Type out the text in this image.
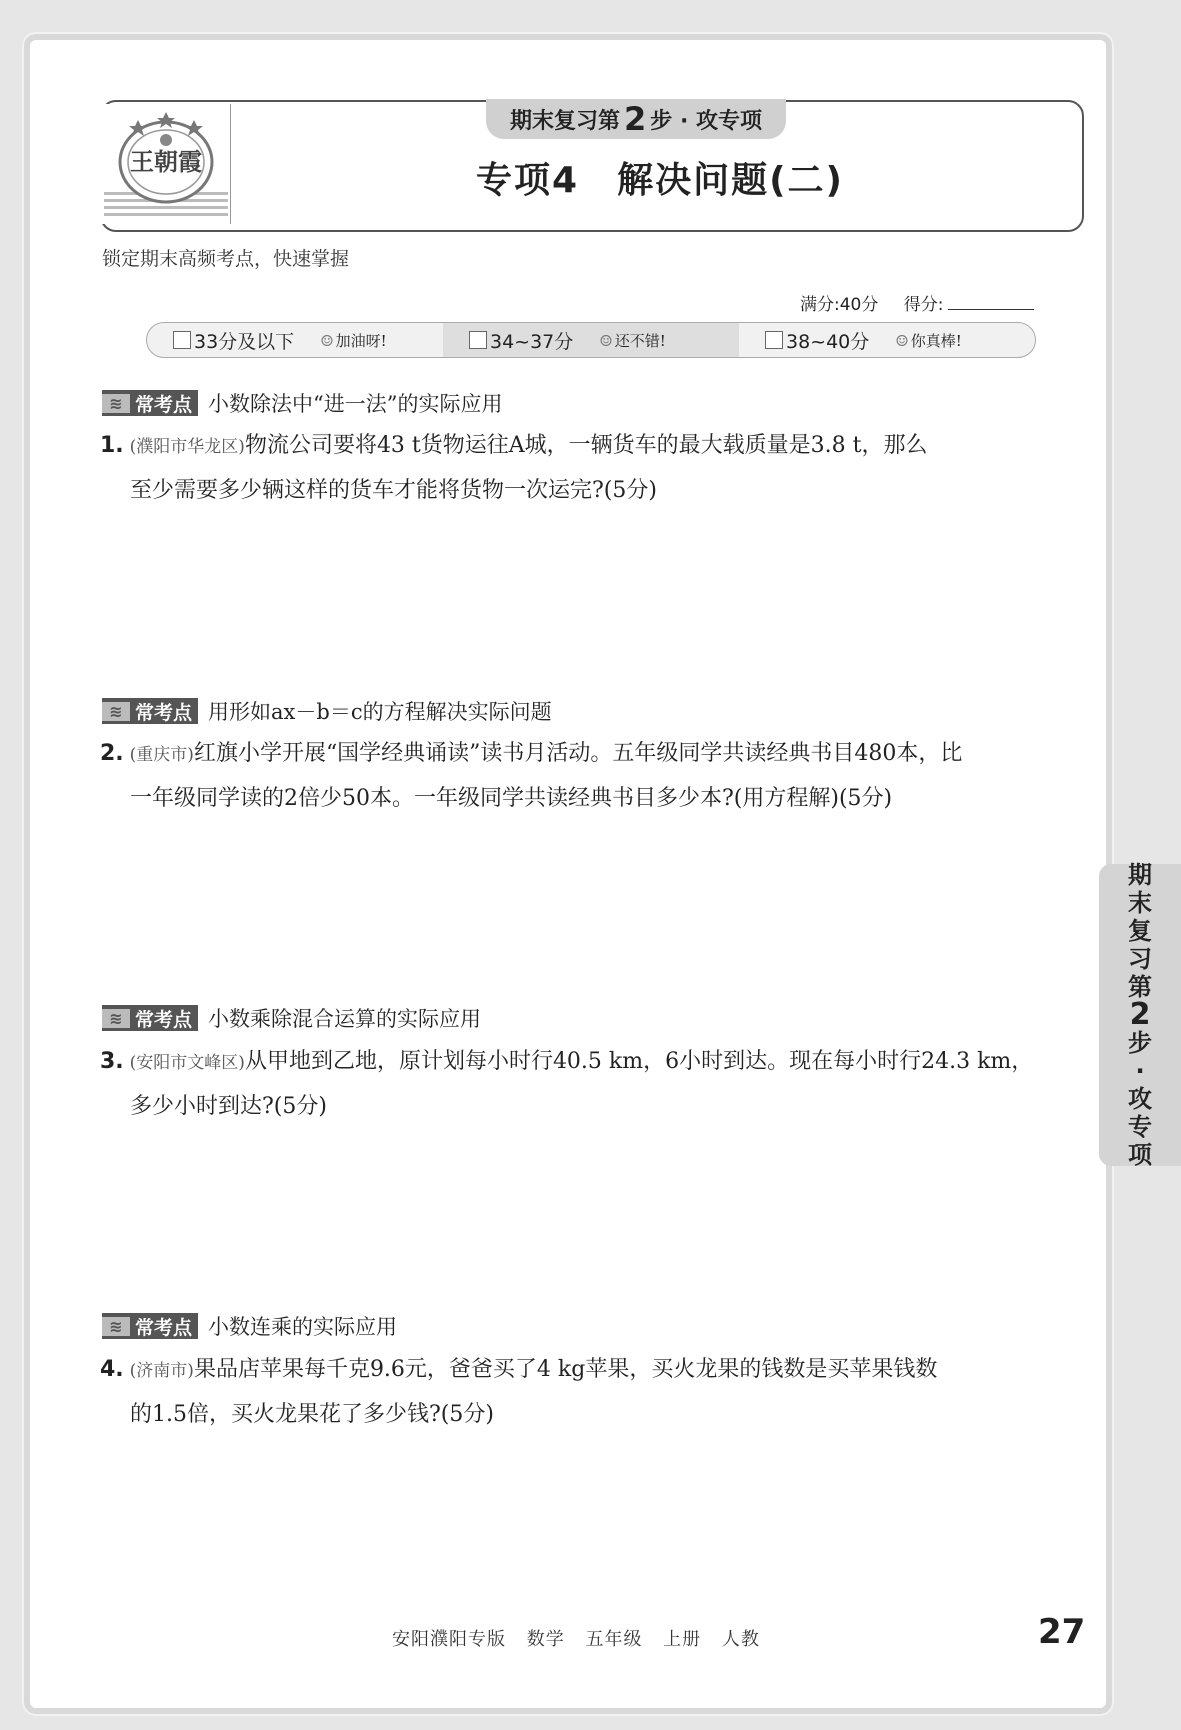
王朝霞
期末复习第 2 步 · 攻专项
专项4　解决问题(二)
锁定期末高频考点，快速掌握
满分:40分 得分:
33分及以下 ☺ 加油呀!	34~37分 ☺ 还不错!	38~40分 ☺ 你真棒!
≋ 常考点 小数除法中“进一法”的实际应用
1. (濮阳市华龙区)物流公司要将43 t货物运往A城，一辆货车的最大载质量是3.8 t，那么
至少需要多少辆这样的货车才能将货物一次运完?(5分)
≋ 常考点 用形如ax－b＝c的方程解决实际问题
2. (重庆市)红旗小学开展“国学经典诵读”读书月活动。五年级同学共读经典书目480本，比
一年级同学读的2倍少50本。一年级同学共读经典书目多少本?(用方程解)(5分)
≋ 常考点 小数乘除混合运算的实际应用
3. (安阳市文峰区)从甲地到乙地，原计划每小时行40.5 km，6小时到达。现在每小时行24.3 km，
多少小时到达?(5分)
≋ 常考点 小数连乘的实际应用
4. (济南市)果品店苹果每千克9.6元，爸爸买了4 kg苹果，买火龙果的钱数是买苹果钱数
的1.5倍，买火龙果花了多少钱?(5分)
期
末
复
习
第
2
步
·
攻
专
项
安阳濮阳专版 数学 五年级 上册 人教	27
